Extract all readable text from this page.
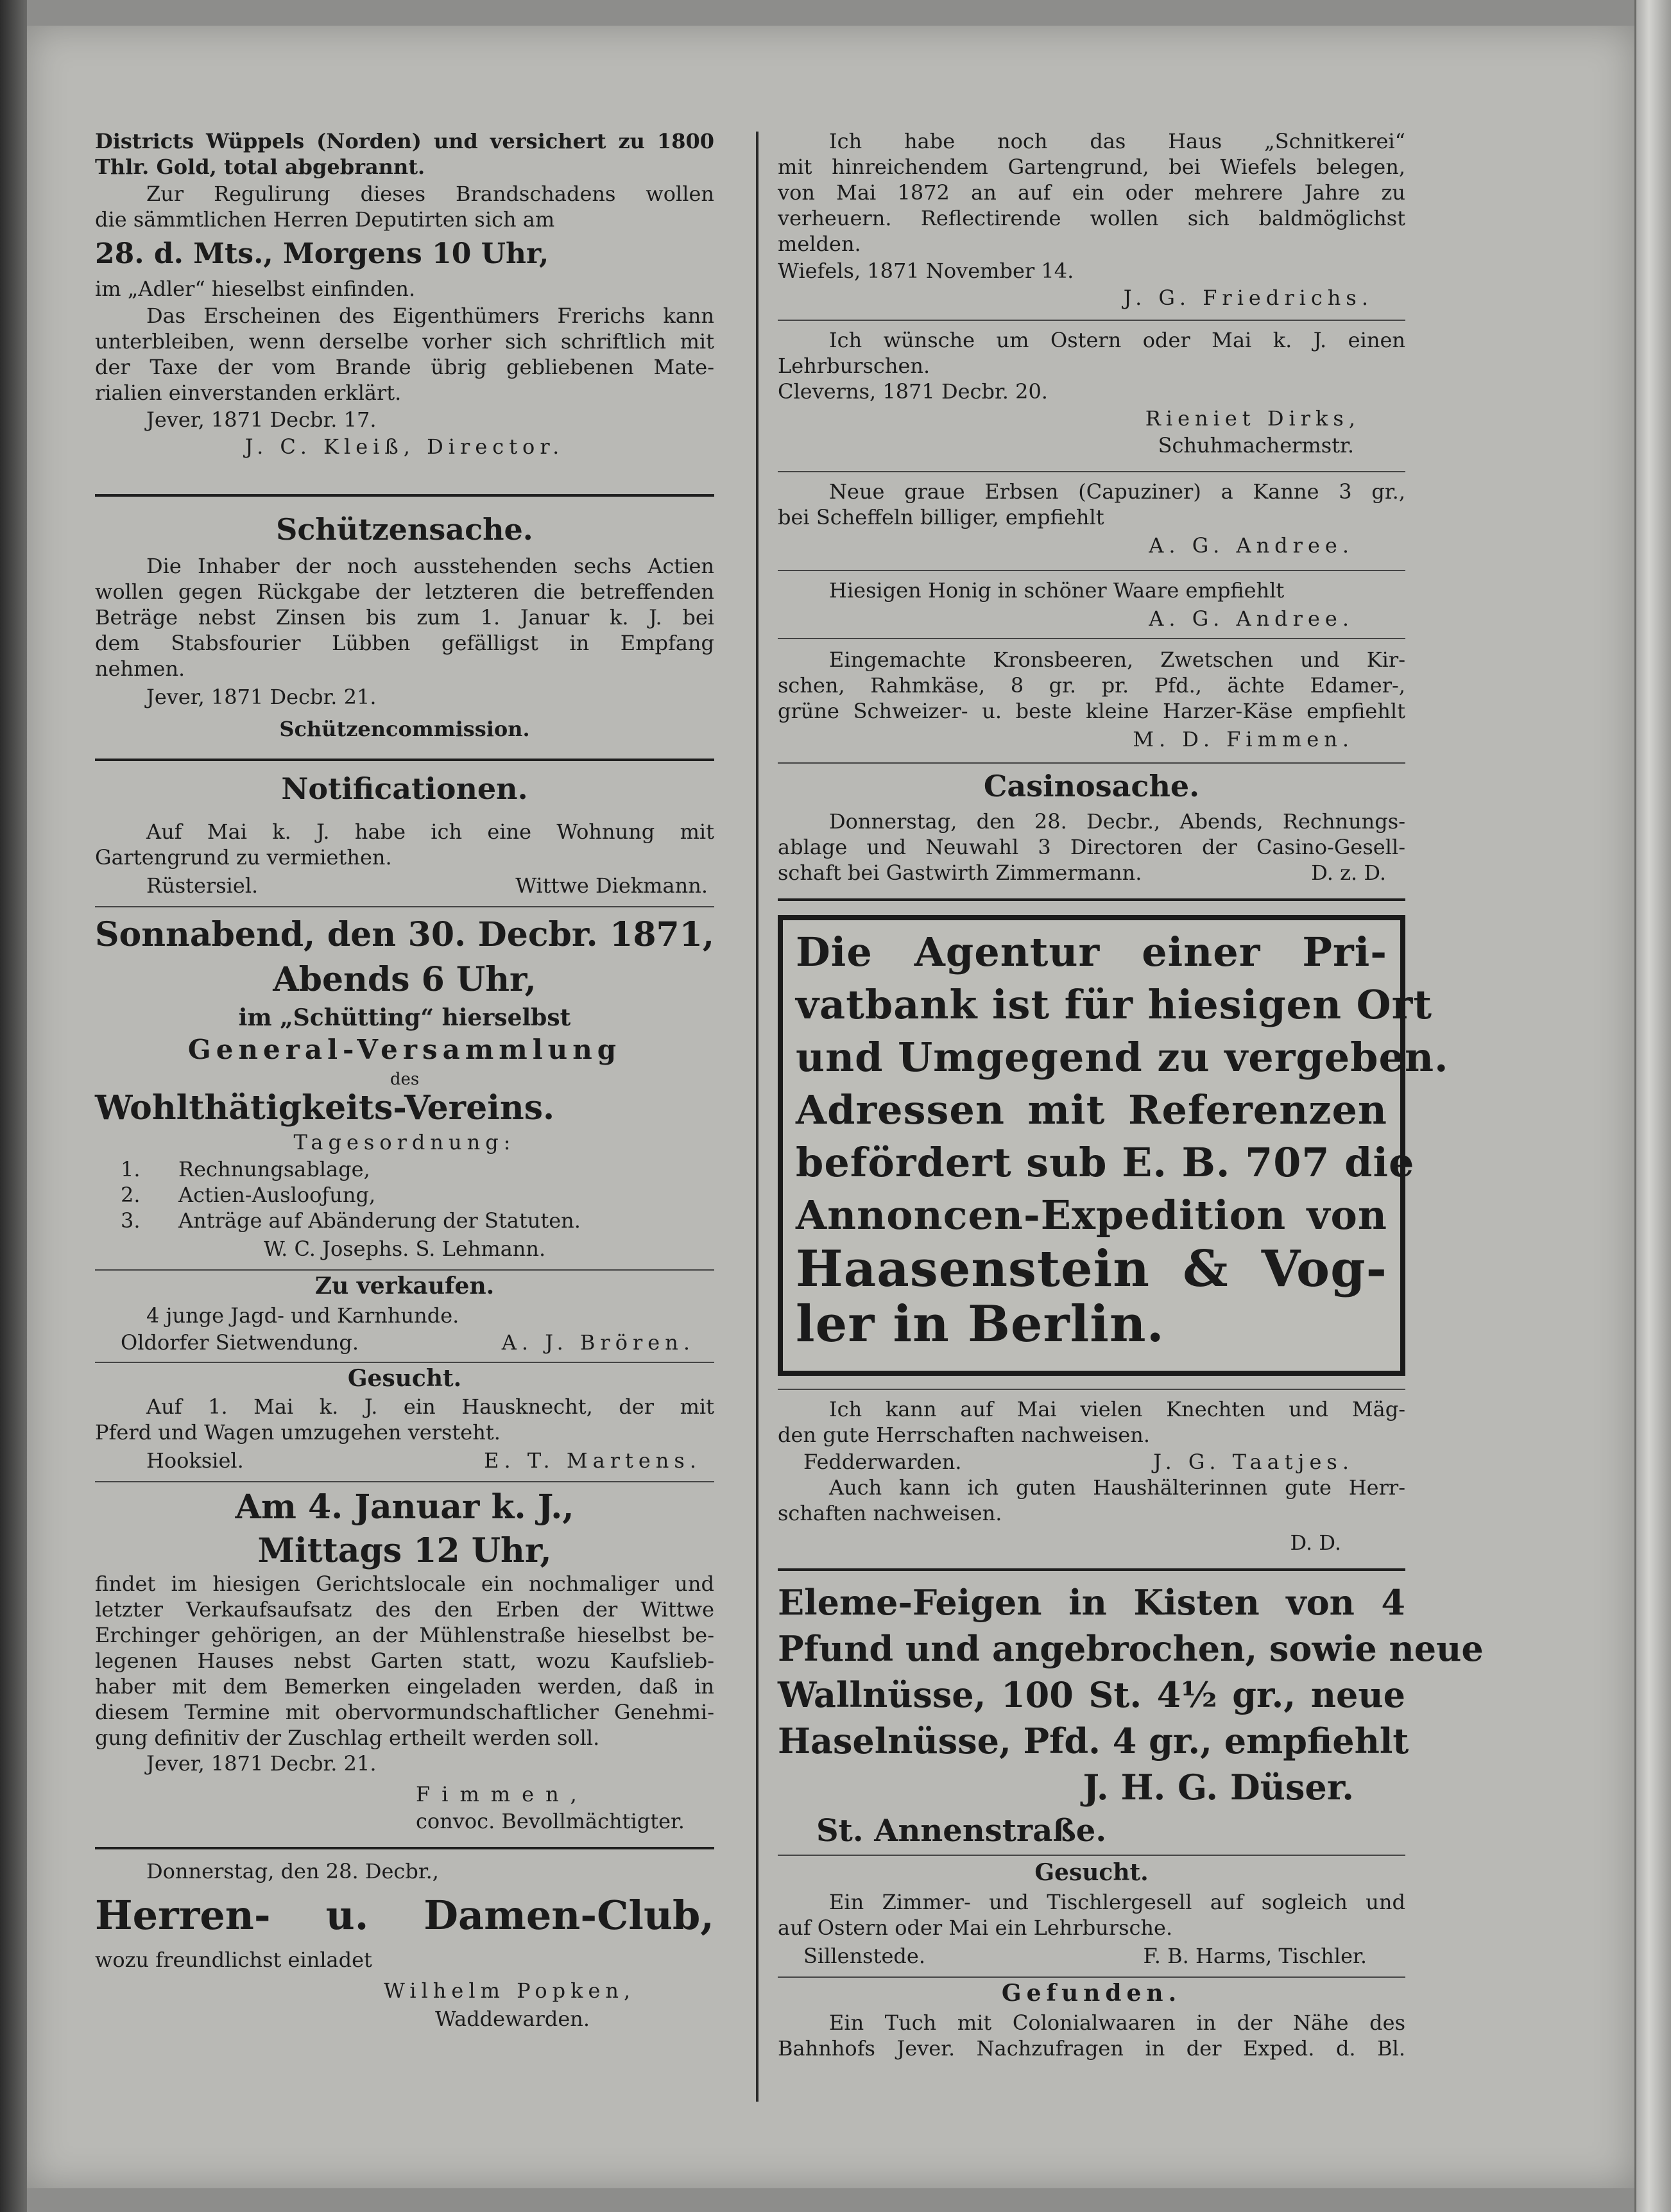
Districts Wüppels (Norden) und versichert zu 1800
Thlr. Gold, total abgebrannt.
Zur Regulirung dieses Brandschadens wollen
die sämmtlichen Herren Deputirten sich am
28. d. Mts., Morgens 10 Uhr,
im „Adler“ hieselbst einfinden.
Das Erscheinen des Eigenthümers Frerichs kann
unterbleiben, wenn derselbe vorher sich schriftlich mit
der Taxe der vom Brande übrig gebliebenen Mate-
rialien einverstanden erklärt.
Jever, 1871 Decbr. 17.
J. C. Kleiß, Director.
Schützensache.
Die Inhaber der noch ausstehenden sechs Actien
wollen gegen Rückgabe der letzteren die betreffenden
Beträge nebst Zinsen bis zum 1. Januar k. J. bei
dem Stabsfourier Lübben gefälligst in Empfang
nehmen.
Jever, 1871 Decbr. 21.
Schützencommission.
Notificationen.
Auf Mai k. J. habe ich eine Wohnung mit
Gartengrund zu vermiethen.
Rüstersiel.	Wittwe Diekmann.
Sonnabend, den 30. Decbr. 1871,
Abends 6 Uhr,
im „Schütting“ hierselbst
General-Versammlung
des
Wohlthätigkeits-Vereins.
Tagesordnung:
1. Rechnungsablage,
2. Actien-Auslooƒung,
3. Anträge auf Abänderung der Statuten.
W. C. Josephs. S. Lehmann.
Zu verkaufen.
4 junge Jagd- und Karnhunde.
Oldorfer Sietwendung.	A. J. Brören.
Gesucht.
Auf 1. Mai k. J. ein Hausknecht, der mit
Pferd und Wagen umzugehen versteht.
Hooksiel.	E. T. Martens.
Am 4. Januar k. J.,
Mittags 12 Uhr,
findet im hiesigen Gerichtslocale ein nochmaliger und
letzter Verkaufsaufsatz des den Erben der Wittwe
Erchinger gehörigen, an der Mühlenstraße hieselbst be-
legenen Hauses nebst Garten statt, wozu Kaufslieb-
haber mit dem Bemerken eingeladen werden, daß in
diesem Termine mit obervormundschaftlicher Genehmi-
gung definitiv der Zuschlag ertheilt werden soll.
Jever, 1871 Decbr. 21.
Fimmen,
convoc. Bevollmächtigter.
Donnerstag, den 28. Decbr.,
Herren- u. Damen-Club,
wozu freundlichst einladet
Wilhelm Popken,
Waddewarden.
Ich habe noch das Haus „Schnitkerei“
mit hinreichendem Gartengrund, bei Wiefels belegen,
von Mai 1872 an auf ein oder mehrere Jahre zu
verheuern. Reflectirende wollen sich baldmöglichst
melden.
Wiefels, 1871 November 14.
J. G. Friedrichs.
Ich wünsche um Ostern oder Mai k. J. einen
Lehrburschen.
Cleverns, 1871 Decbr. 20.
Rieniet Dirks,
Schuhmachermstr.
Neue graue Erbsen (Capuziner) a Kanne 3 gr.,
bei Scheffeln billiger, empfiehlt
A. G. Andree.
Hiesigen Honig in schöner Waare empfiehlt
A. G. Andree.
Eingemachte Kronsbeeren, Zwetschen und Kir-
schen, Rahmkäse, 8 gr. pr. Pfd., ächte Edamer-,
grüne Schweizer- u. beste kleine Harzer-Käse empfiehlt
M. D. Fimmen.
Casinosache.
Donnerstag, den 28. Decbr., Abends, Rechnungs-
ablage und Neuwahl 3 Directoren der Casino-Gesell-
schaft bei Gastwirth Zimmermann.	D. z. D.
Die Agentur einer Pri-
vatbank ist für hiesigen Ort
und Umgegend zu vergeben.
Adressen mit Referenzen
befördert sub E. B. 707 die
Annoncen-Expedition von
Haasenstein & Vog-
ler in Berlin.
Ich kann auf Mai vielen Knechten und Mäg-
den gute Herrschaften nachweisen.
Fedderwarden.	J. G. Taatjes.
Auch kann ich guten Haushälterinnen gute Herr-
schaften nachweisen.
D. D.
Eleme-Feigen in Kisten von 4
Pfund und angebrochen, sowie neue
Wallnüsse, 100 St. 4½ gr., neue
Haselnüsse, Pfd. 4 gr., empfiehlt
J. H. G. Düser.
St. Annenstraße.
Gesucht.
Ein Zimmer- und Tischlergesell auf sogleich und
auf Ostern oder Mai ein Lehrbursche.
Sillenstede.	F. B. Harms, Tischler.
Gefunden.
Ein Tuch mit Colonialwaaren in der Nähe des
Bahnhofs Jever. Nachzufragen in der Exped. d. Bl.
